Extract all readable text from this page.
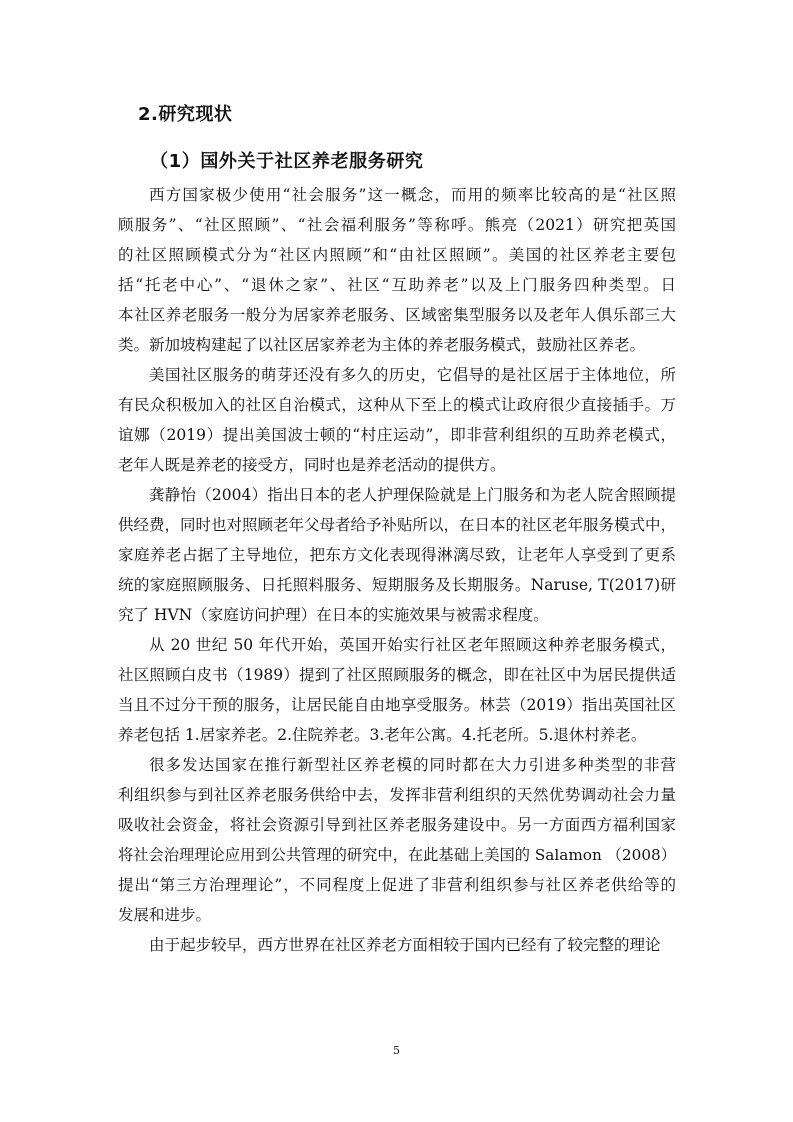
2.研究现状
（1）国外关于社区养老服务研究
西方国家极少使用“社会服务”这一概念，而用的频率比较高的是“社区照
顾服务”、“社区照顾”、“社会福利服务”等称呼。熊亮（2021）研究把英国
的社区照顾模式分为“社区内照顾”和“由社区照顾”。美国的社区养老主要包
括“托老中心”、“退休之家”、社区“互助养老”以及上门服务四种类型。日
本社区养老服务一般分为居家养老服务、区域密集型服务以及老年人俱乐部三大
类。新加坡构建起了以社区居家养老为主体的养老服务模式，鼓励社区养老。
美国社区服务的萌芽还没有多久的历史，它倡导的是社区居于主体地位，所
有民众积极加入的社区自治模式，这种从下至上的模式让政府很少直接插手。万
谊娜（2019）提出美国波士顿的“村庄运动”，即非营利组织的互助养老模式，
老年人既是养老的接受方，同时也是养老活动的提供方。
龚静怡（2004）指出日本的老人护理保险就是上门服务和为老人院舍照顾提
供经费，同时也对照顾老年父母者给予补贴所以，在日本的社区老年服务模式中，
家庭养老占据了主导地位，把东方文化表现得淋漓尽致，让老年人享受到了更系
统的家庭照顾服务、日托照料服务、短期服务及长期服务。Naruse, T(2017)研
究了 HVN（家庭访问护理）在日本的实施效果与被需求程度。
从 20 世纪 50 年代开始，英国开始实行社区老年照顾这种养老服务模式，
社区照顾白皮书（1989）提到了社区照顾服务的概念，即在社区中为居民提供适
当且不过分干预的服务，让居民能自由地享受服务。林芸（2019）指出英国社区
养老包括 1.居家养老。2.住院养老。3.老年公寓。4.托老所。5.退休村养老。
很多发达国家在推行新型社区养老模的同时都在大力引进多种类型的非营
利组织参与到社区养老服务供给中去，发挥非营利组织的天然优势调动社会力量
吸收社会资金，将社会资源引导到社区养老服务建设中。另一方面西方福利国家
将社会治理理论应用到公共管理的研究中，在此基础上美国的 Salamon （2008）
提出“第三方治理理论”，不同程度上促进了非营利组织参与社区养老供给等的
发展和进步。
由于起步较早，西方世界在社区养老方面相较于国内已经有了较完整的理论
5
